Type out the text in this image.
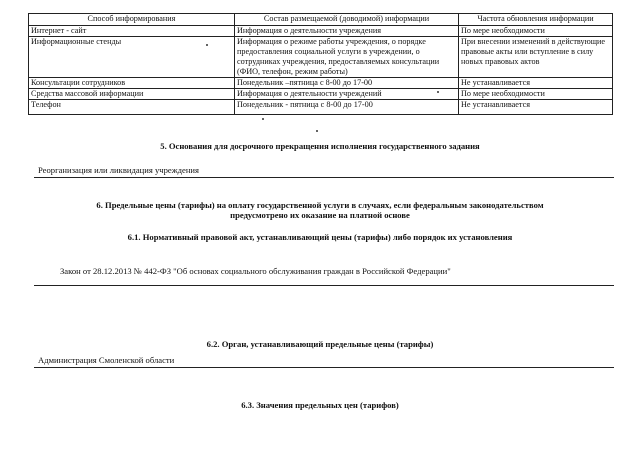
Способ информирования	Состав размещаемой (доводимой) информации	Частота обновления информации
Интернет - сайт	Информация о деятельности учреждения	По мере необходимости
Информационные стенды	Информация о режиме работы учреждения, о порядке предоставления социальной услуги в учреждении, о сотрудниках учреждения, предоставляемых консультации (ФИО, телефон, режим работы)	При внесении изменений в действующие правовые акты или вступление в силу новых правовых актов
Консультации сотрудников	Понедельник –пятница с 8-00 до 17-00	Не устанавливается
Средства массовой информации	Информация о деятельности учреждений	По мере необходимости
Телефон	Понедельник - пятница с 8-00 до 17-00	Не устанавливается
5. Основания для досрочного прекращения исполнения государственного задания
Реорганизация или ликвидация учреждения
6. Предельные цены (тарифы) на оплату государственной услуги в случаях, если федеральным законодательством
предусмотрено их оказание на платной основе
6.1. Нормативный правовой акт, устанавливающий цены (тарифы) либо порядок их установления
Закон от 28.12.2013 № 442-ФЗ "Об основах социального обслуживания граждан в Российской Федерации"
6.2. Орган, устанавливающий предельные цены (тарифы)
Администрация Смоленской области
6.3. Значения предельных цен (тарифов)
